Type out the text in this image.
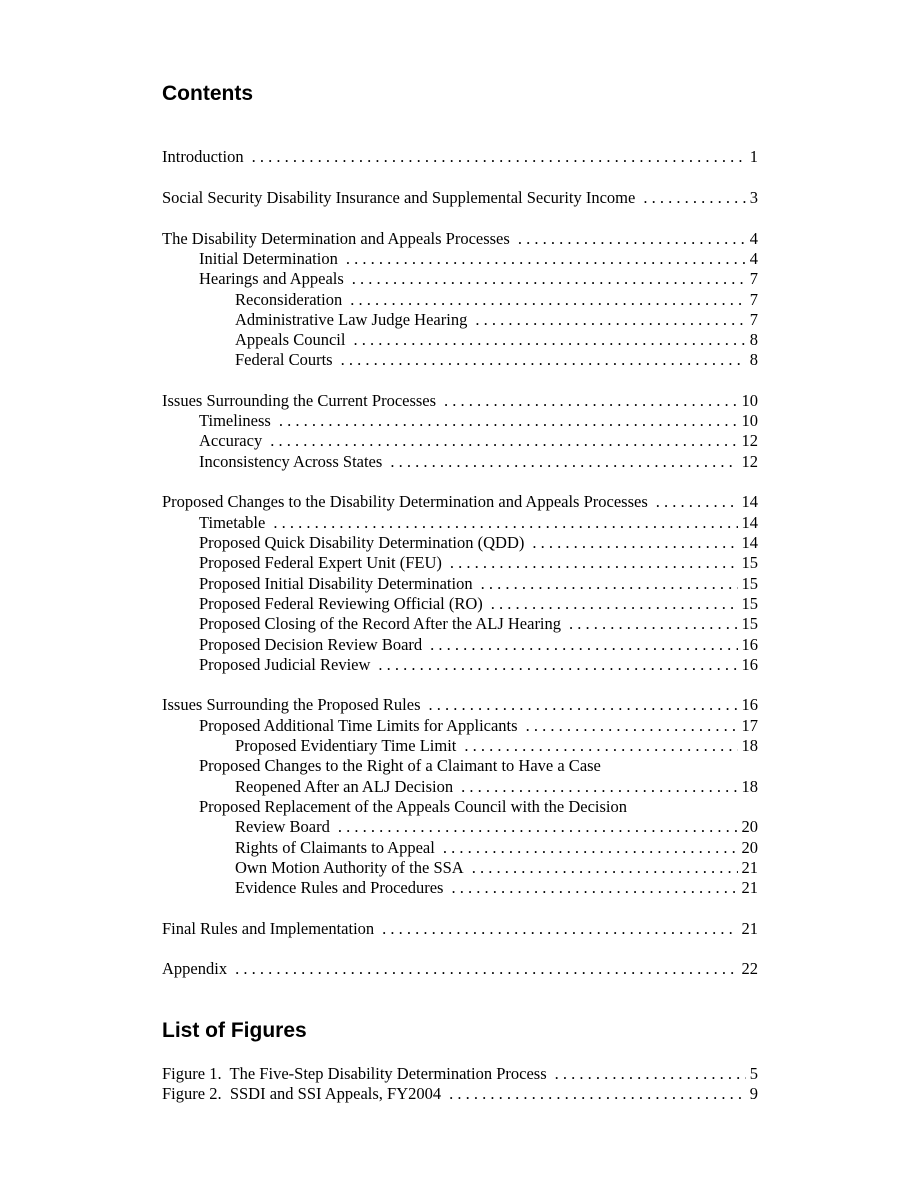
Contents
Introduction . . .	1
Social Security Disability Insurance and Supplemental Security Income . . .	3
The Disability Determination and Appeals Processes . . .	4
Initial Determination . . .	4
Hearings and Appeals . . .	7
Reconsideration . . .	7
Administrative Law Judge Hearing . . .	7
Appeals Council . . .	8
Federal Courts . . .	8
Issues Surrounding the Current Processes . . .	10
Timeliness . . .	10
Accuracy . . .	12
Inconsistency Across States . . .	12
Proposed Changes to the Disability Determination and Appeals Processes . . .	14
Timetable . . .	14
Proposed Quick Disability Determination (QDD) . . .	14
Proposed Federal Expert Unit (FEU) . . .	15
Proposed Initial Disability Determination . . .	15
Proposed Federal Reviewing Official (RO) . . .	15
Proposed Closing of the Record After the ALJ Hearing . . .	15
Proposed Decision Review Board . . .	16
Proposed Judicial Review . . .	16
Issues Surrounding the Proposed Rules . . .	16
Proposed Additional Time Limits for Applicants . . .	17
Proposed Evidentiary Time Limit . . .	18
Proposed Changes to the Right of a Claimant to Have a Case
Reopened After an ALJ Decision . . .	18
Proposed Replacement of the Appeals Council with the Decision
Review Board . . .	20
Rights of Claimants to Appeal . . .	20
Own Motion Authority of the SSA . . .	21
Evidence Rules and Procedures . . .	21
Final Rules and Implementation . . .	21
Appendix . . .	22
List of Figures
Figure 1.  The Five-Step Disability Determination Process . . .	5
Figure 2.  SSDI and SSI Appeals, FY2004 . . .	9
